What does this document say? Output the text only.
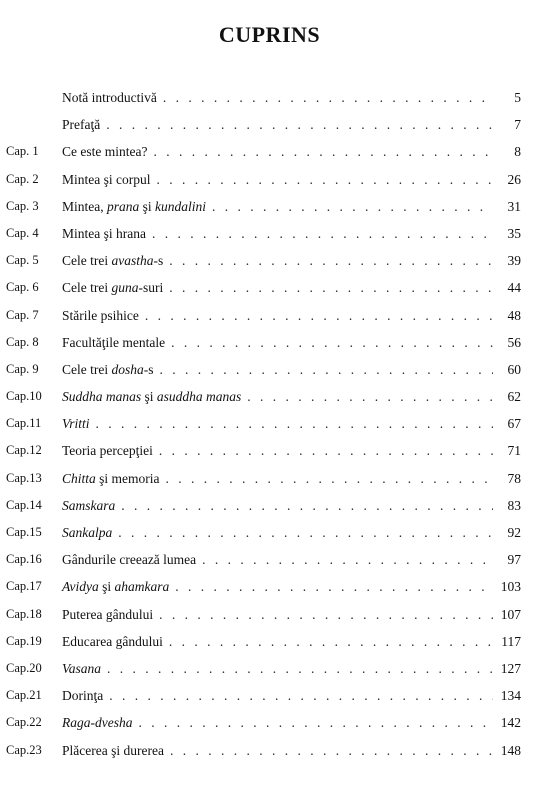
CUPRINS
Notă introductivă . . .	5
Prefaţă . . .	7
Cap. 1	Ce este mintea? . . .	8
Cap. 2	Mintea şi corpul . . .	26
Cap. 3	Mintea, prana şi kundalini . . .	31
Cap. 4	Mintea şi hrana . . .	35
Cap. 5	Cele trei avastha-s . . .	39
Cap. 6	Cele trei guna-suri . . .	44
Cap. 7	Stările psihice . . .	48
Cap. 8	Facultăţile mentale . . .	56
Cap. 9	Cele trei dosha-s . . .	60
Cap.10	Suddha manas şi asuddha manas . . .	62
Cap.11	Vritti . . .	67
Cap.12	Teoria percepţiei . . .	71
Cap.13	Chitta şi memoria . . .	78
Cap.14	Samskara . . .	83
Cap.15	Sankalpa . . .	92
Cap.16	Gândurile creează lumea . . .	97
Cap.17	Avidya şi ahamkara . . .	103
Cap.18	Puterea gândului . . .	107
Cap.19	Educarea gândului . . .	117
Cap.20	Vasana . . .	127
Cap.21	Dorinţa . . .	134
Cap.22	Raga-dvesha . . .	142
Cap.23	Plăcerea şi durerea . . .	148
